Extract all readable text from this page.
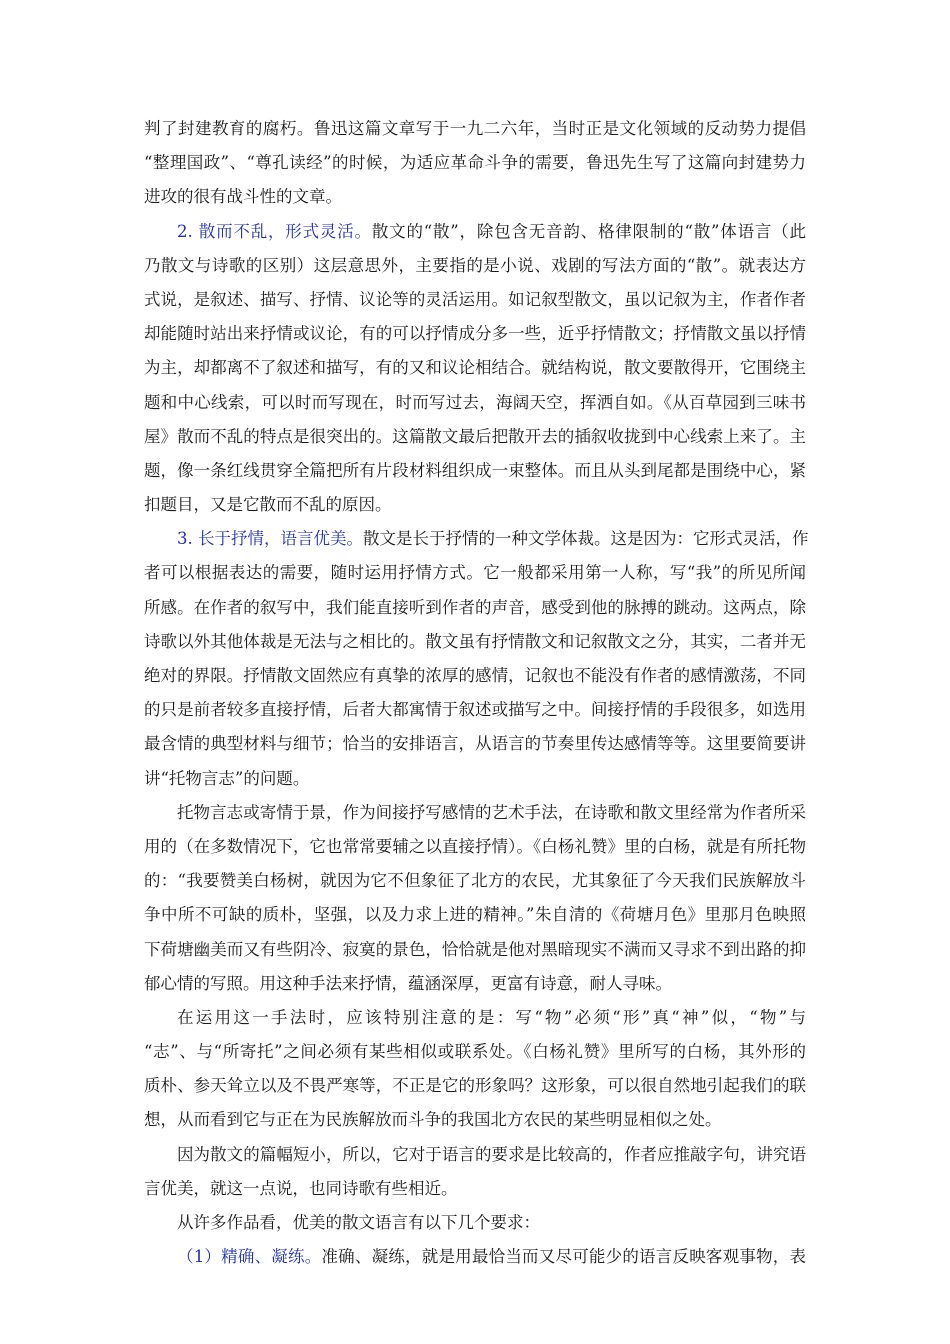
判了封建教育的腐朽。鲁迅这篇文章写于一九二六年，当时正是文化领域的反动势力提倡
“整理国政”、“尊孔读经”的时候，为适应革命斗争的需要，鲁迅先生写了这篇向封建势力
进攻的很有战斗性的文章。
2. 散而不乱，形式灵活。散文的“散”，除包含无音韵、格律限制的“散”体语言（此
乃散文与诗歌的区别）这层意思外，主要指的是小说、戏剧的写法方面的“散”。就表达方
式说，是叙述、描写、抒情、议论等的灵活运用。如记叙型散文，虽以记叙为主，作者作者
却能随时站出来抒情或议论，有的可以抒情成分多一些，近乎抒情散文；抒情散文虽以抒情
为主，却都离不了叙述和描写，有的又和议论相结合。就结构说，散文要散得开，它围绕主
题和中心线索，可以时而写现在，时而写过去，海阔天空，挥洒自如。《从百草园到三味书
屋》散而不乱的特点是很突出的。这篇散文最后把散开去的插叙收拢到中心线索上来了。主
题，像一条红线贯穿全篇把所有片段材料组织成一束整体。而且从头到尾都是围绕中心，紧
扣题目，又是它散而不乱的原因。
3. 长于抒情，语言优美。散文是长于抒情的一种文学体裁。这是因为：它形式灵活，作
者可以根据表达的需要，随时运用抒情方式。它一般都采用第一人称，写“我”的所见所闻
所感。在作者的叙写中，我们能直接听到作者的声音，感受到他的脉搏的跳动。这两点，除
诗歌以外其他体裁是无法与之相比的。散文虽有抒情散文和记叙散文之分，其实，二者并无
绝对的界限。抒情散文固然应有真挚的浓厚的感情，记叙也不能没有作者的感情激荡，不同
的只是前者较多直接抒情，后者大都寓情于叙述或描写之中。间接抒情的手段很多，如选用
最含情的典型材料与细节；恰当的安排语言，从语言的节奏里传达感情等等。这里要简要讲
讲“托物言志”的问题。
托物言志或寄情于景，作为间接抒写感情的艺术手法，在诗歌和散文里经常为作者所采
用的（在多数情况下，它也常常要辅之以直接抒情）。《白杨礼赞》里的白杨，就是有所托物
的：“我要赞美白杨树，就因为它不但象征了北方的农民，尤其象征了今天我们民族解放斗
争中所不可缺的质朴，坚强，以及力求上进的精神。”朱自清的《荷塘月色》里那月色映照
下荷塘幽美而又有些阴冷、寂寞的景色，恰恰就是他对黑暗现实不满而又寻求不到出路的抑
郁心情的写照。用这种手法来抒情，蕴涵深厚，更富有诗意，耐人寻味。
在运用这一手法时，应该特别注意的是：写“物”必须“形”真“神”似，“物”与
“志”、与“所寄托”之间必须有某些相似或联系处。《白杨礼赞》里所写的白杨，其外形的
质朴、参天耸立以及不畏严寒等，不正是它的形象吗？这形象，可以很自然地引起我们的联
想，从而看到它与正在为民族解放而斗争的我国北方农民的某些明显相似之处。
因为散文的篇幅短小，所以，它对于语言的要求是比较高的，作者应推敲字句，讲究语
言优美，就这一点说，也同诗歌有些相近。
从许多作品看，优美的散文语言有以下几个要求：
（1）精确、凝练。准确、凝练，就是用最恰当而又尽可能少的语言反映客观事物，表
